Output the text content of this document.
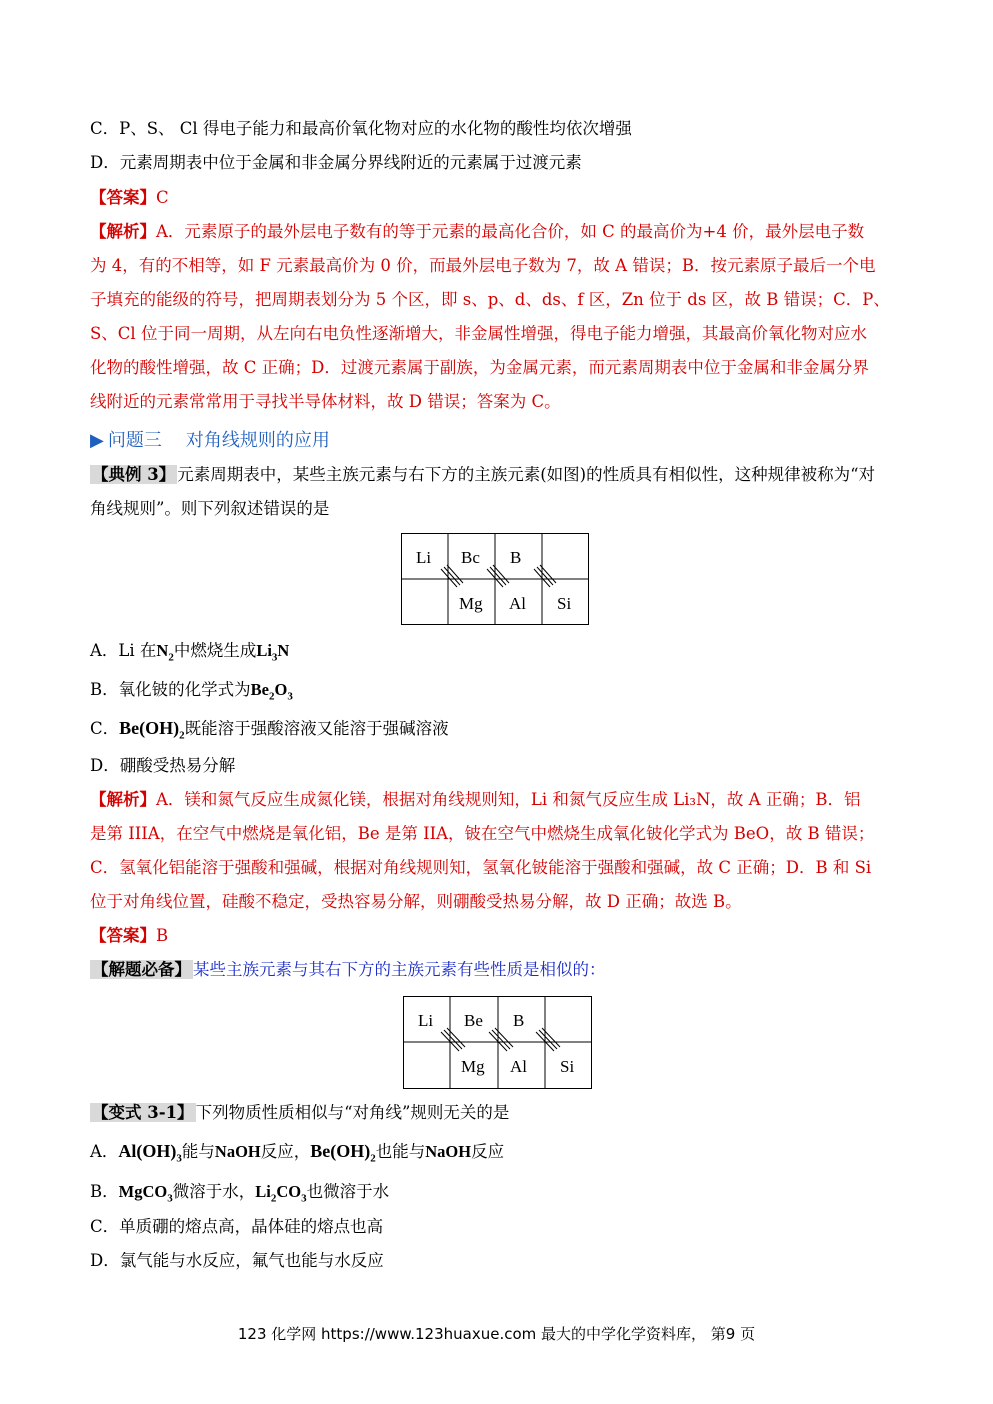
C．P、S、 Cl 得电子能力和最高价氧化物对应的水化物的酸性均依次增强
D．元素周期表中位于金属和非金属分界线附近的元素属于过渡元素
【答案】C
【解析】A．元素原子的最外层电子数有的等于元素的最高化合价，如 C 的最高价为+4 价，最外层电子数
为 4，有的不相等，如 F 元素最高价为 0 价，而最外层电子数为 7，故 A 错误；B．按元素原子最后一个电
子填充的能级的符号，把周期表划分为 5 个区，即 s、p、d、ds、f 区，Zn 位于 ds 区，故 B 错误；C．P、
S、Cl 位于同一周期，从左向右电负性逐渐增大，非金属性增强，得电子能力增强，其最高价氧化物对应水
化物的酸性增强，故 C 正确；D．过渡元素属于副族，为金属元素，而元素周期表中位于金属和非金属分界
线附近的元素常常用于寻找半导体材料，故 D 错误；答案为 C。
▶ 问题三 对角线规则的应用
【典例 3】 元素周期表中，某些主族元素与右下方的主族元素(如图)的性质具有相似性，这种规律被称为“对
角线规则”。则下列叙述错误的是
Li Bc B
Mg Al Si
A．Li 在$N_2$中燃烧生成$Li_3N$
B．氧化铍的化学式为$Be_2O_3$
C．$Be(OH)_2$既能溶于强酸溶液又能溶于强碱溶液
D．硼酸受热易分解
【解析】A．镁和氮气反应生成氮化镁，根据对角线规则知，Li 和氮气反应生成 Li₃N，故 A 正确；B．铝
是第 IIIA，在空气中燃烧是氧化铝，Be 是第 IIA，铍在空气中燃烧生成氧化铍化学式为 BeO，故 B 错误；
C．氢氧化铝能溶于强酸和强碱，根据对角线规则知，氢氧化铍能溶于强酸和强碱，故 C 正确；D．B 和 Si
位于对角线位置，硅酸不稳定，受热容易分解，则硼酸受热易分解，故 D 正确；故选 B。
【答案】B
【解题必备】 某些主族元素与其右下方的主族元素有些性质是相似的：
Li Be B
Mg Al Si
【变式 3-1】 下列物质性质相似与“对角线”规则无关的是
A．$Al(OH)_3$能与NaOH反应，$Be(OH)_2$也能与NaOH反应
B．MgCO$_3$微溶于水，$Li_2CO_3$也微溶于水
C．单质硼的熔点高，晶体硅的熔点也高
D．氯气能与水反应，氟气也能与水反应
123 化学网 https://www.123huaxue.com 最大的中学化学资料库， 第9 页
